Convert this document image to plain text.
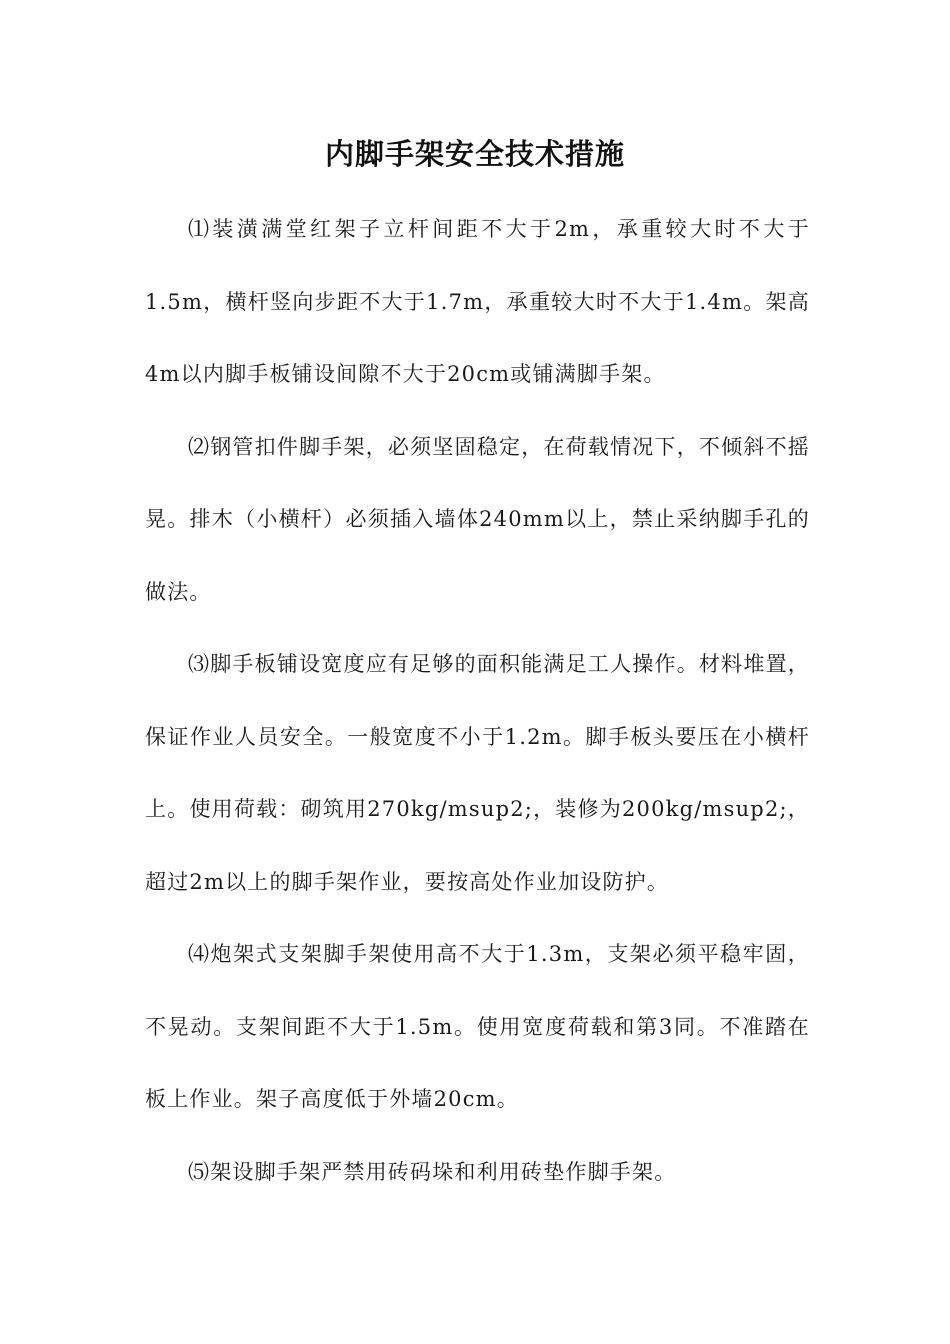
内脚手架安全技术措施

⑴装潢满堂红架子立杆间距不大于2m，承重较大时不大于1.5m，横杆竖向步距不大于1.7m，承重较大时不大于1.4m。架高4m以内脚手板铺设间隙不大于20cm或铺满脚手架。

⑵钢管扣件脚手架，必须坚固稳定，在荷载情况下，不倾斜不摇晃。排木（小横杆）必须插入墙体240mm以上，禁止采纳脚手孔的做法。

⑶脚手板铺设宽度应有足够的面积能满足工人操作。材料堆置，保证作业人员安全。一般宽度不小于1.2m。脚手板头要压在小横杆上。使用荷载：砌筑用270kg/msup2;，装修为200kg/msup2;，超过2m以上的脚手架作业，要按高处作业加设防护。

⑷炮架式支架脚手架使用高不大于1.3m，支架必须平稳牢固，不晃动。支架间距不大于1.5m。使用宽度荷载和第3同。不准踏在板上作业。架子高度低于外墙20cm。

⑸架设脚手架严禁用砖码垛和利用砖垫作脚手架。
